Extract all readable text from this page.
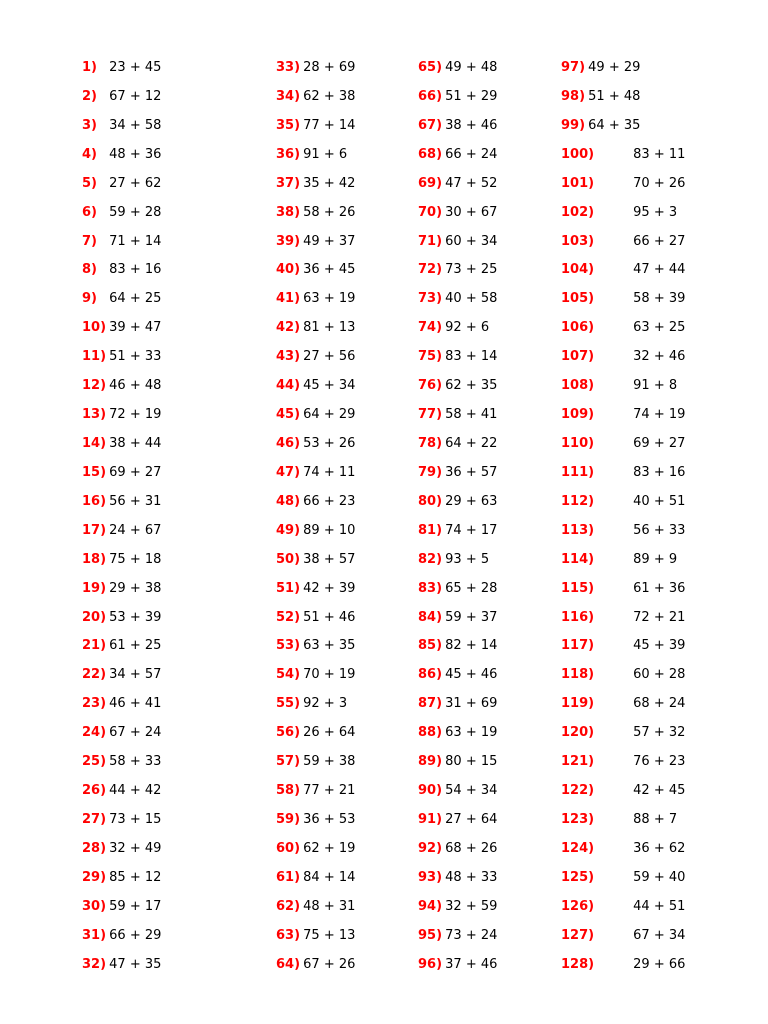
1) 23 + 45
2) 67 + 12
3) 34 + 58
4) 48 + 36
5) 27 + 62
6) 59 + 28
7) 71 + 14
8) 83 + 16
9) 64 + 25
10) 39 + 47
11) 51 + 33
12) 46 + 48
13) 72 + 19
14) 38 + 44
15) 69 + 27
16) 56 + 31
17) 24 + 67
18) 75 + 18
19) 29 + 38
20) 53 + 39
21) 61 + 25
22) 34 + 57
23) 46 + 41
24) 67 + 24
25) 58 + 33
26) 44 + 42
27) 73 + 15
28) 32 + 49
29) 85 + 12
30) 59 + 17
31) 66 + 29
32) 47 + 35
33) 28 + 69
34) 62 + 38
35) 77 + 14
36) 91 + 6
37) 35 + 42
38) 58 + 26
39) 49 + 37
40) 36 + 45
41) 63 + 19
42) 81 + 13
43) 27 + 56
44) 45 + 34
45) 64 + 29
46) 53 + 26
47) 74 + 11
48) 66 + 23
49) 89 + 10
50) 38 + 57
51) 42 + 39
52) 51 + 46
53) 63 + 35
54) 70 + 19
55) 92 + 3
56) 26 + 64
57) 59 + 38
58) 77 + 21
59) 36 + 53
60) 62 + 19
61) 84 + 14
62) 48 + 31
63) 75 + 13
64) 67 + 26
65) 49 + 48
66) 51 + 29
67) 38 + 46
68) 66 + 24
69) 47 + 52
70) 30 + 67
71) 60 + 34
72) 73 + 25
73) 40 + 58
74) 92 + 6
75) 83 + 14
76) 62 + 35
77) 58 + 41
78) 64 + 22
79) 36 + 57
80) 29 + 63
81) 74 + 17
82) 93 + 5
83) 65 + 28
84) 59 + 37
85) 82 + 14
86) 45 + 46
87) 31 + 69
88) 63 + 19
89) 80 + 15
90) 54 + 34
91) 27 + 64
92) 68 + 26
93) 48 + 33
94) 32 + 59
95) 73 + 24
96) 37 + 46
97) 49 + 29
98) 51 + 48
99) 64 + 35
100)	83 + 11
101)	70 + 26
102)	95 + 3
103)	66 + 27
104)	47 + 44
105)	58 + 39
106)	63 + 25
107)	32 + 46
108)	91 + 8
109)	74 + 19
110)	69 + 27
111)	83 + 16
112)	40 + 51
113)	56 + 33
114)	89 + 9
115)	61 + 36
116)	72 + 21
117)	45 + 39
118)	60 + 28
119)	68 + 24
120)	57 + 32
121)	76 + 23
122)	42 + 45
123)	88 + 7
124)	36 + 62
125)	59 + 40
126)	44 + 51
127)	67 + 34
128)	29 + 66
